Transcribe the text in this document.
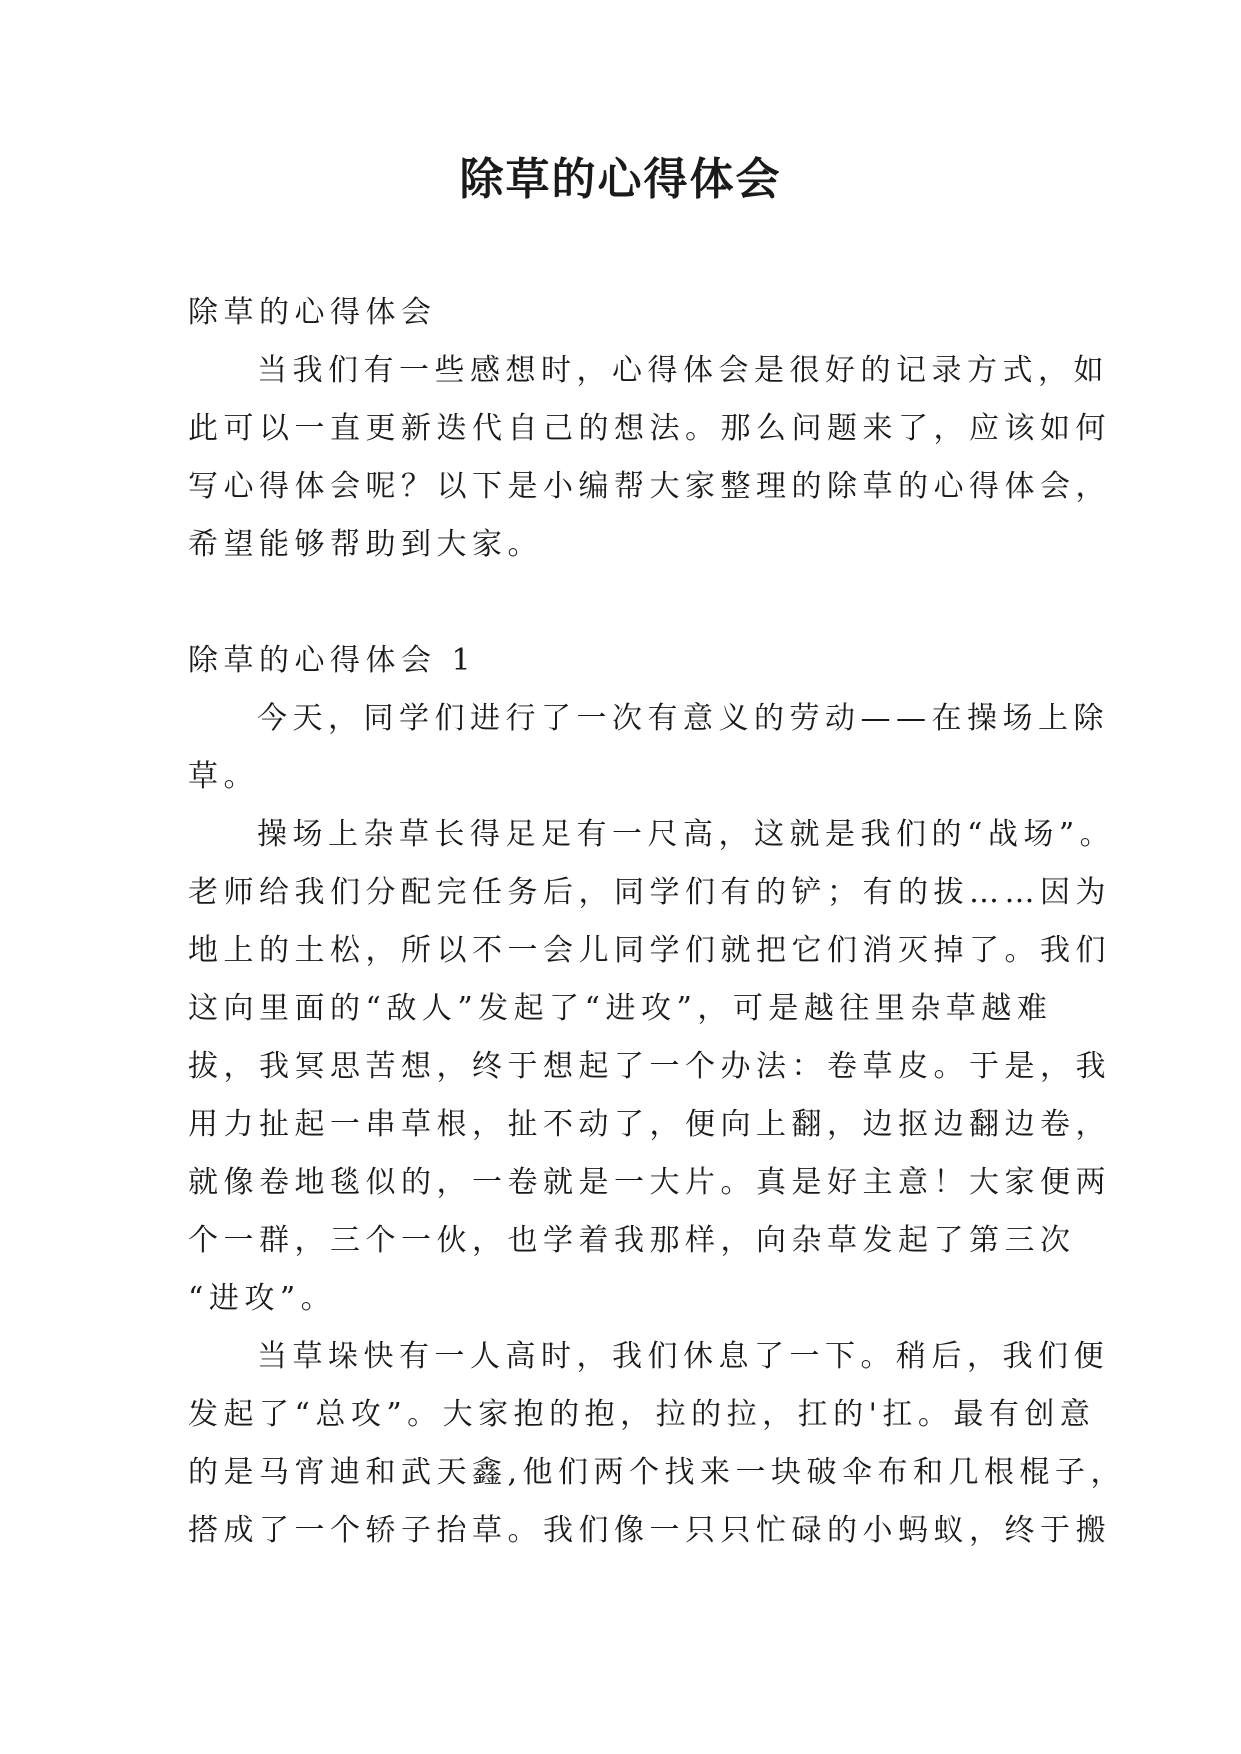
除草的心得体会
除草的心得体会
当我们有一些感想时，心得体会是很好的记录方式，如
此可以一直更新迭代自己的想法。那么问题来了，应该如何
写心得体会呢？以下是小编帮大家整理的除草的心得体会，
希望能够帮助到大家。
除草的心得体会 1
今天，同学们进行了一次有意义的劳动——在操场上除
草。
操场上杂草长得足足有一尺高，这就是我们的“战场”。
老师给我们分配完任务后，同学们有的铲；有的拔……因为
地上的土松，所以不一会儿同学们就把它们消灭掉了。我们
这向里面的“敌人”发起了“进攻”，可是越往里杂草越难
拔，我冥思苦想，终于想起了一个办法：卷草皮。于是，我
用力扯起一串草根，扯不动了，便向上翻，边抠边翻边卷，
就像卷地毯似的，一卷就是一大片。真是好主意！大家便两
个一群，三个一伙，也学着我那样，向杂草发起了第三次
“进攻”。
当草垛快有一人高时，我们休息了一下。稍后，我们便
发起了“总攻”。大家抱的抱，拉的拉，扛的'扛。最有创意
的是马宵迪和武天鑫,他们两个找来一块破伞布和几根棍子，
搭成了一个轿子抬草。我们像一只只忙碌的小蚂蚁，终于搬
